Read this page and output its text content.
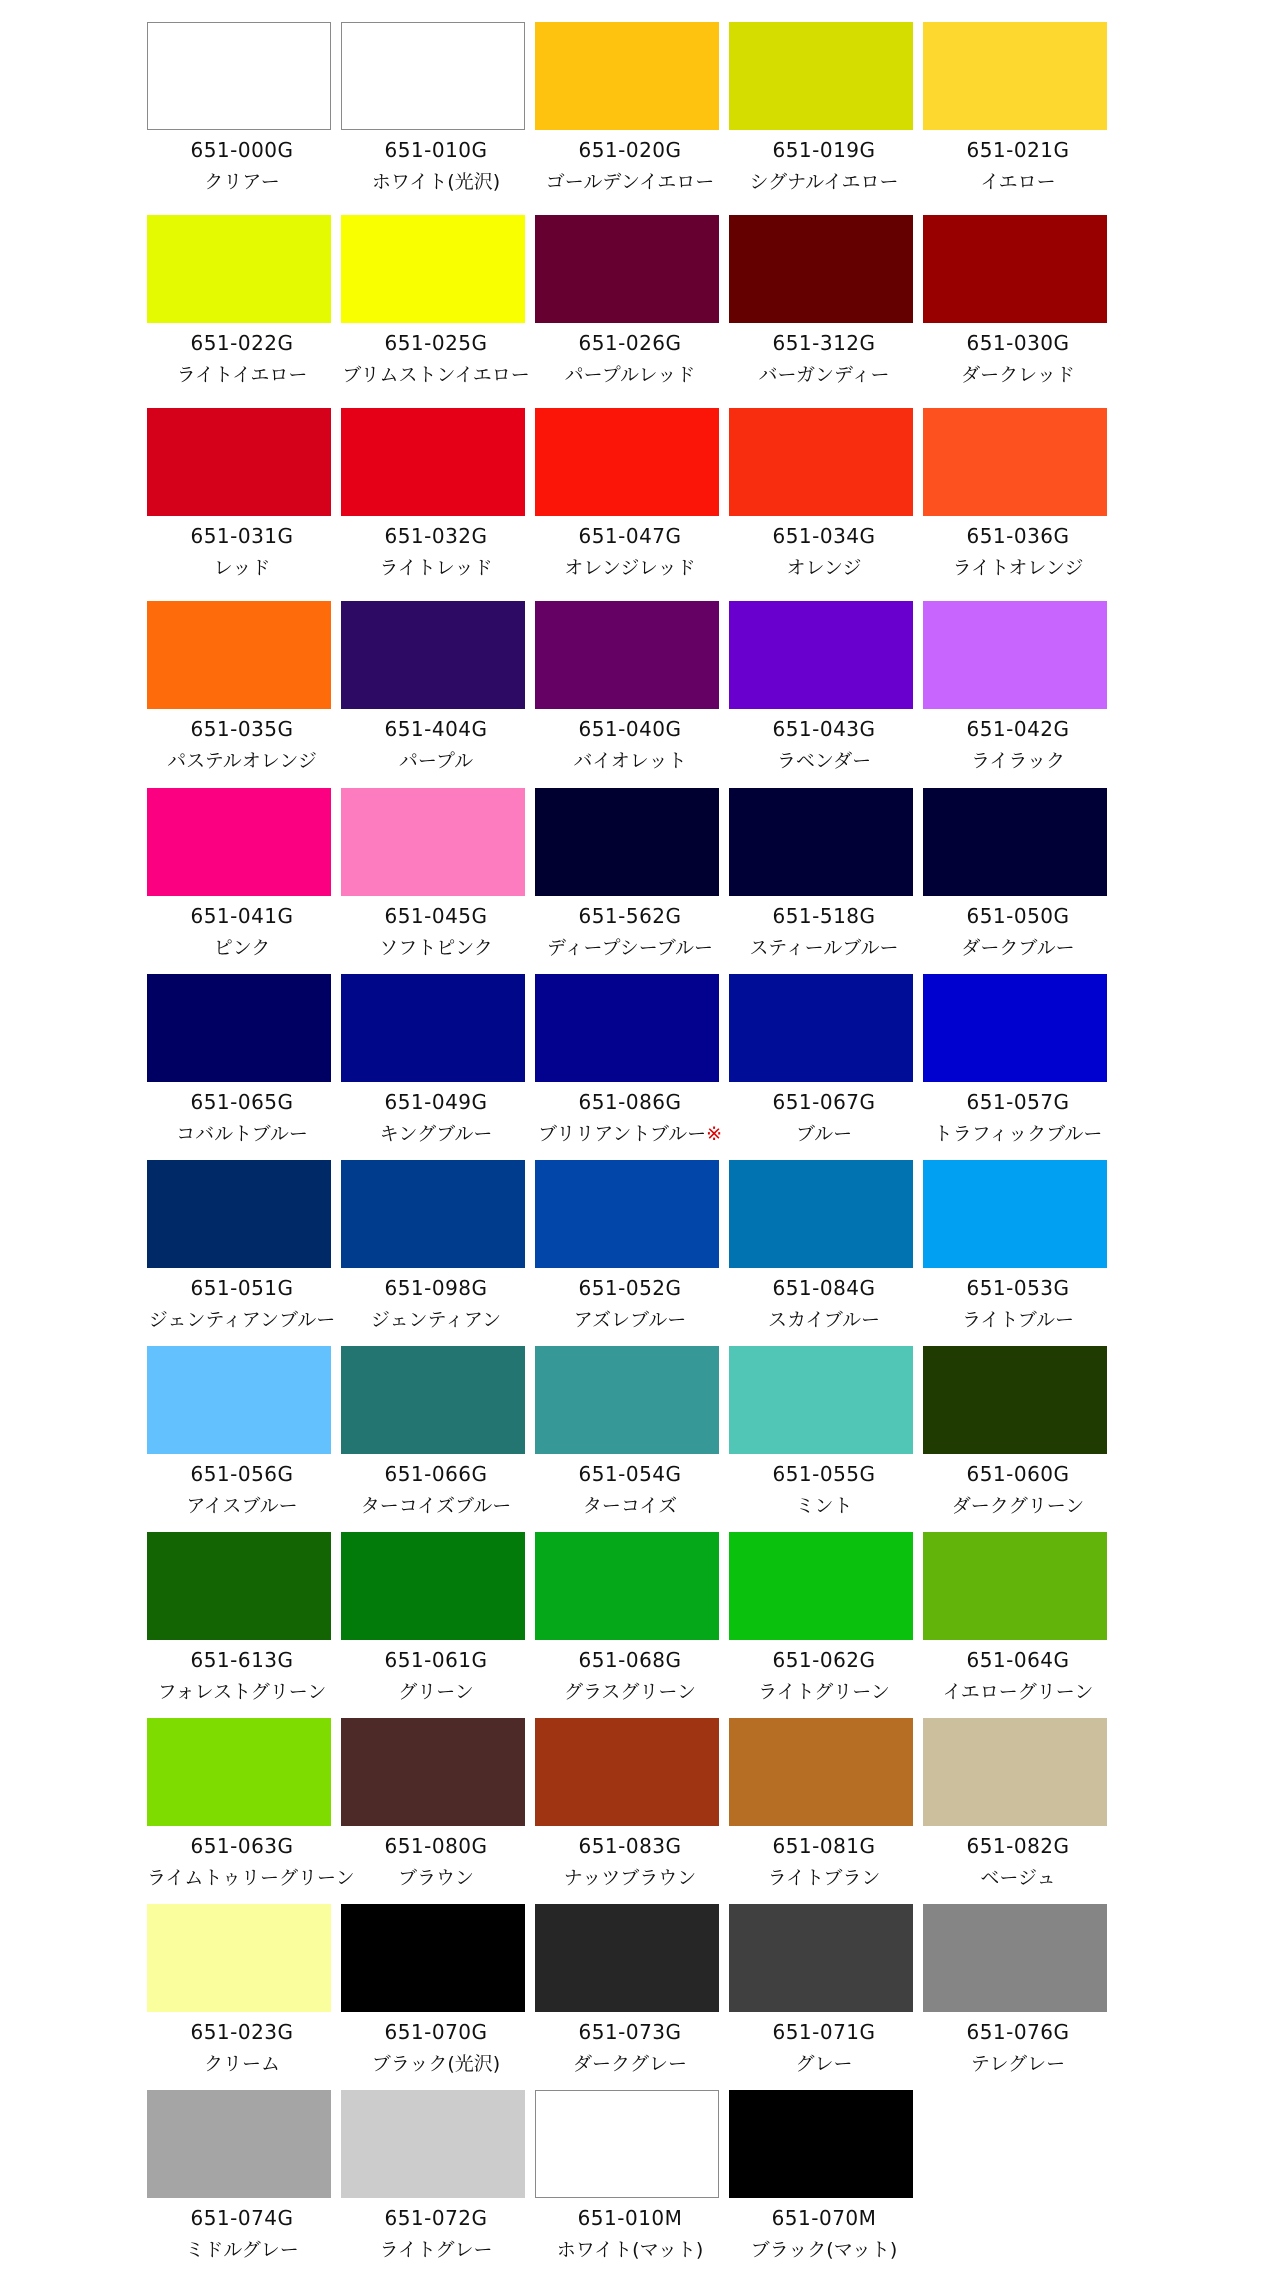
651-000G
クリアー
651-010G
ホワイト(光沢)
651-020G
ゴールデンイエロー
651-019G
シグナルイエロー
651-021G
イエロー
651-022G
ライトイエロー
651-025G
ブリムストンイエロー
651-026G
パープルレッド
651-312G
バーガンディー
651-030G
ダークレッド
651-031G
レッド
651-032G
ライトレッド
651-047G
オレンジレッド
651-034G
オレンジ
651-036G
ライトオレンジ
651-035G
パステルオレンジ
651-404G
パープル
651-040G
バイオレット
651-043G
ラベンダー
651-042G
ライラック
651-041G
ピンク
651-045G
ソフトピンク
651-562G
ディープシーブルー
651-518G
スティールブルー
651-050G
ダークブルー
651-065G
コバルトブルー
651-049G
キングブルー
651-086G
ブリリアントブルー※
651-067G
ブルー
651-057G
トラフィックブルー
651-051G
ジェンティアンブルー
651-098G
ジェンティアン
651-052G
アズレブルー
651-084G
スカイブルー
651-053G
ライトブルー
651-056G
アイスブルー
651-066G
ターコイズブルー
651-054G
ターコイズ
651-055G
ミント
651-060G
ダークグリーン
651-613G
フォレストグリーン
651-061G
グリーン
651-068G
グラスグリーン
651-062G
ライトグリーン
651-064G
イエローグリーン
651-063G
ライムトゥリーグリーン
651-080G
ブラウン
651-083G
ナッツブラウン
651-081G
ライトブラン
651-082G
ベージュ
651-023G
クリーム
651-070G
ブラック(光沢)
651-073G
ダークグレー
651-071G
グレー
651-076G
テレグレー
651-074G
ミドルグレー
651-072G
ライトグレー
651-010M
ホワイト(マット)
651-070M
ブラック(マット)
